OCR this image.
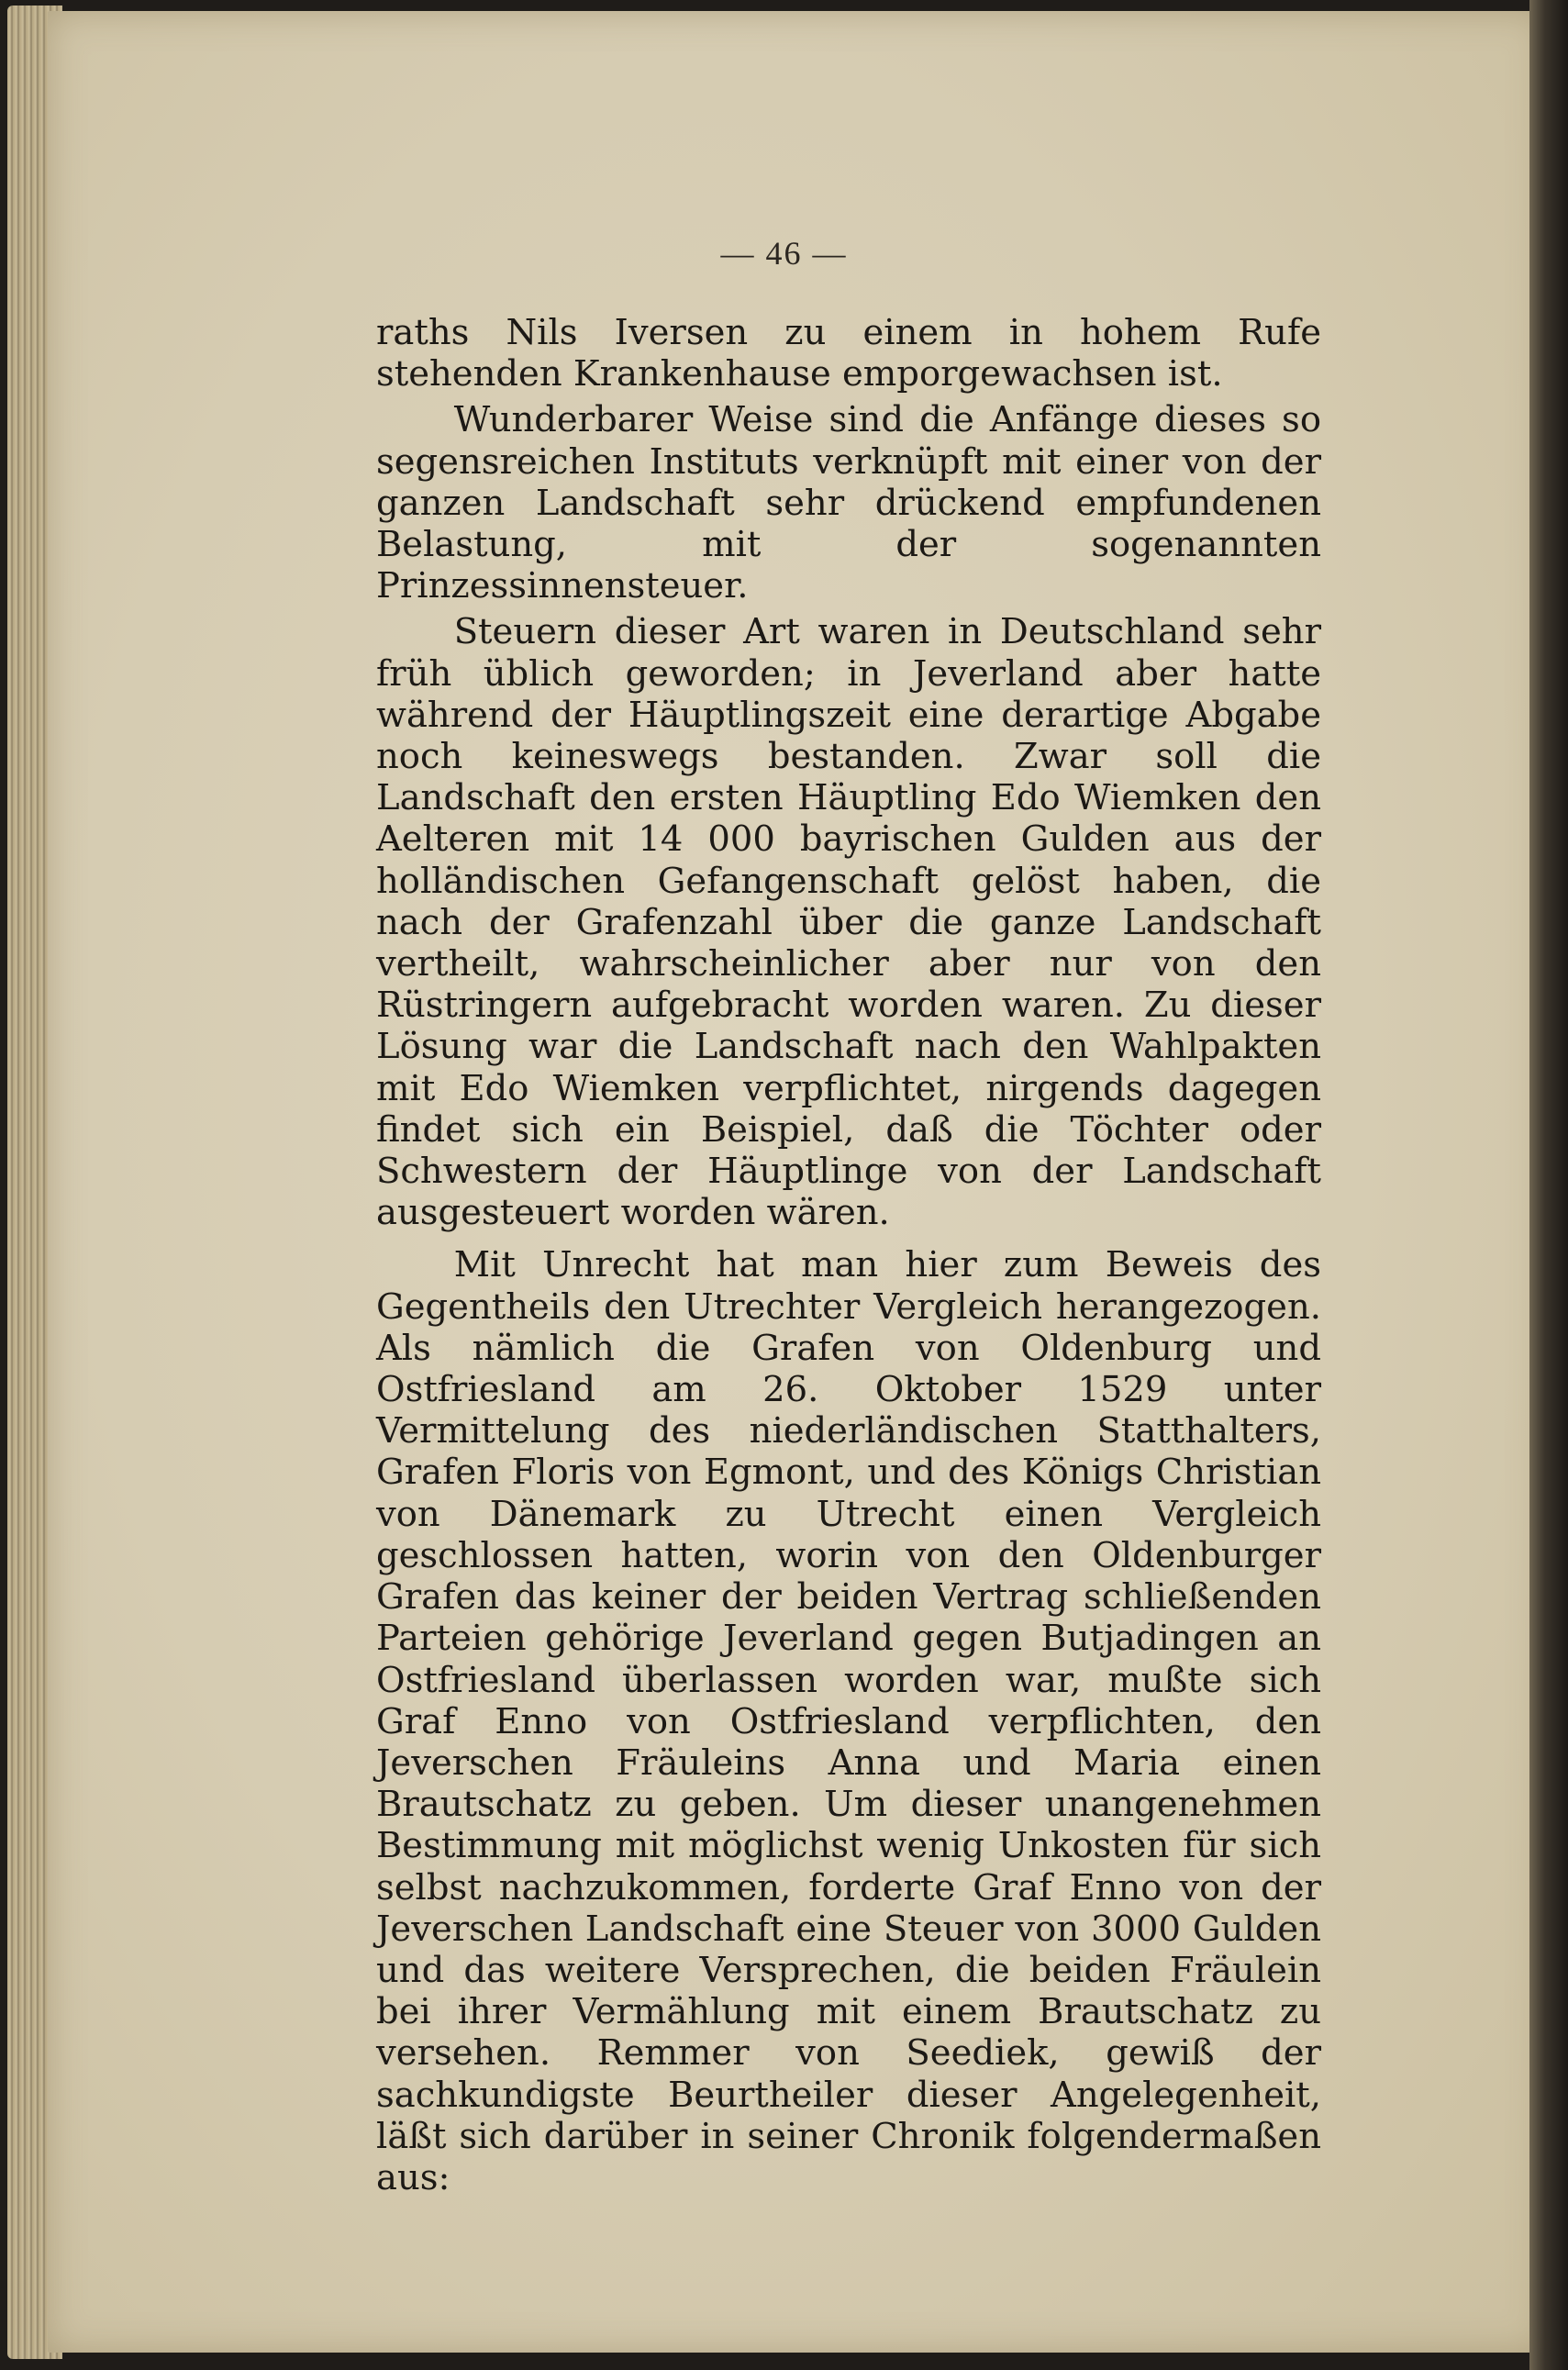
— 46 —

raths Nils Iversen zu einem in hohem Rufe stehenden Krankenhause emporgewachsen ist.

Wunderbarer Weise sind die Anfänge dieses so segensreichen Instituts verknüpft mit einer von der ganzen Landschaft sehr drückend empfundenen Belastung, mit der sogenannten Prinzessinnensteuer.

Steuern dieser Art waren in Deutschland sehr früh üblich geworden; in Jeverland aber hatte während der Häuptlingszeit eine derartige Abgabe noch keineswegs bestanden. Zwar soll die Landschaft den ersten Häuptling Edo Wiemken den Aelteren mit 14 000 bayrischen Gulden aus der holländischen Gefangenschaft gelöst haben, die nach der Grafenzahl über die ganze Landschaft vertheilt, wahrscheinlicher aber nur von den Rüstringern aufgebracht worden waren. Zu dieser Lösung war die Landschaft nach den Wahlpakten mit Edo Wiemken verpflichtet, nirgends dagegen findet sich ein Beispiel, daß die Töchter oder Schwestern der Häuptlinge von der Landschaft ausgesteuert worden wären.

Mit Unrecht hat man hier zum Beweis des Gegentheils den Utrechter Vergleich herangezogen. Als nämlich die Grafen von Oldenburg und Ostfriesland am 26. Oktober 1529 unter Vermittelung des niederländischen Statthalters, Grafen Floris von Egmont, und des Königs Christian von Dänemark zu Utrecht einen Vergleich geschlossen hatten, worin von den Oldenburger Grafen das keiner der beiden Vertrag schließenden Parteien gehörige Jeverland gegen Butjadingen an Ostfriesland überlassen worden war, mußte sich Graf Enno von Ostfriesland verpflichten, den Jeverschen Fräuleins Anna und Maria einen Brautschatz zu geben. Um dieser unangenehmen Bestimmung mit möglichst wenig Unkosten für sich selbst nachzukommen, forderte Graf Enno von der Jeverschen Landschaft eine Steuer von 3000 Gulden und das weitere Versprechen, die beiden Fräulein bei ihrer Vermählung mit einem Brautschatz zu versehen. Remmer von Seediek, gewiß der sachkundigste Beurtheiler dieser Angelegenheit, läßt sich darüber in seiner Chronik folgendermaßen aus:
